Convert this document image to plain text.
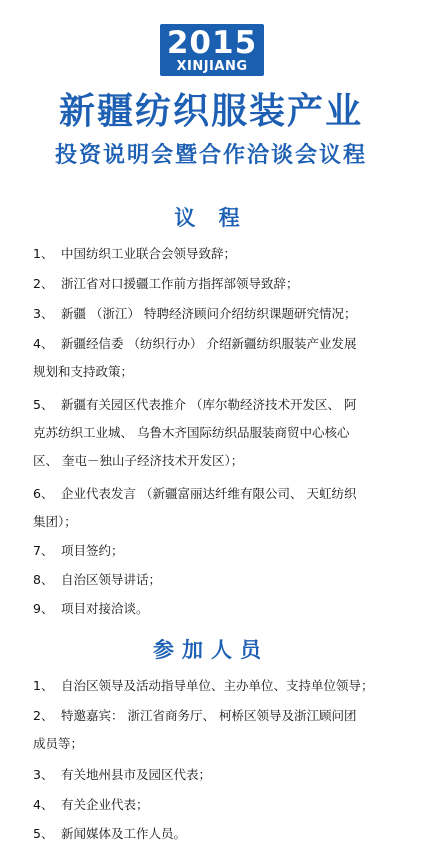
2015
XINJIANG
新疆纺织服装产业
投资说明会暨合作洽谈会议程
议 程
1、 中国纺织工业联合会领导致辞；
2、 浙江省对口援疆工作前方指挥部领导致辞；
3、 新疆 （浙江） 特聘经济顾问介绍纺织课题研究情况；
4、 新疆经信委 （纺织行办） 介绍新疆纺织服装产业发展
规划和支持政策；
5、 新疆有关园区代表推介 （库尔勒经济技术开发区、 阿
克苏纺织工业城、 乌鲁木齐国际纺织品服装商贸中心核心
区、 奎屯－独山子经济技术开发区）；
6、 企业代表发言 （新疆富丽达纤维有限公司、 天虹纺织
集团）；
7、 项目签约；
8、 自治区领导讲话；
9、 项目对接洽谈。
参加人员
1、 自治区领导及活动指导单位、主办单位、支持单位领导；
2、 特邀嘉宾： 浙江省商务厅、 柯桥区领导及浙江顾问团
成员等；
3、 有关地州县市及园区代表；
4、 有关企业代表；
5、 新闻媒体及工作人员。
